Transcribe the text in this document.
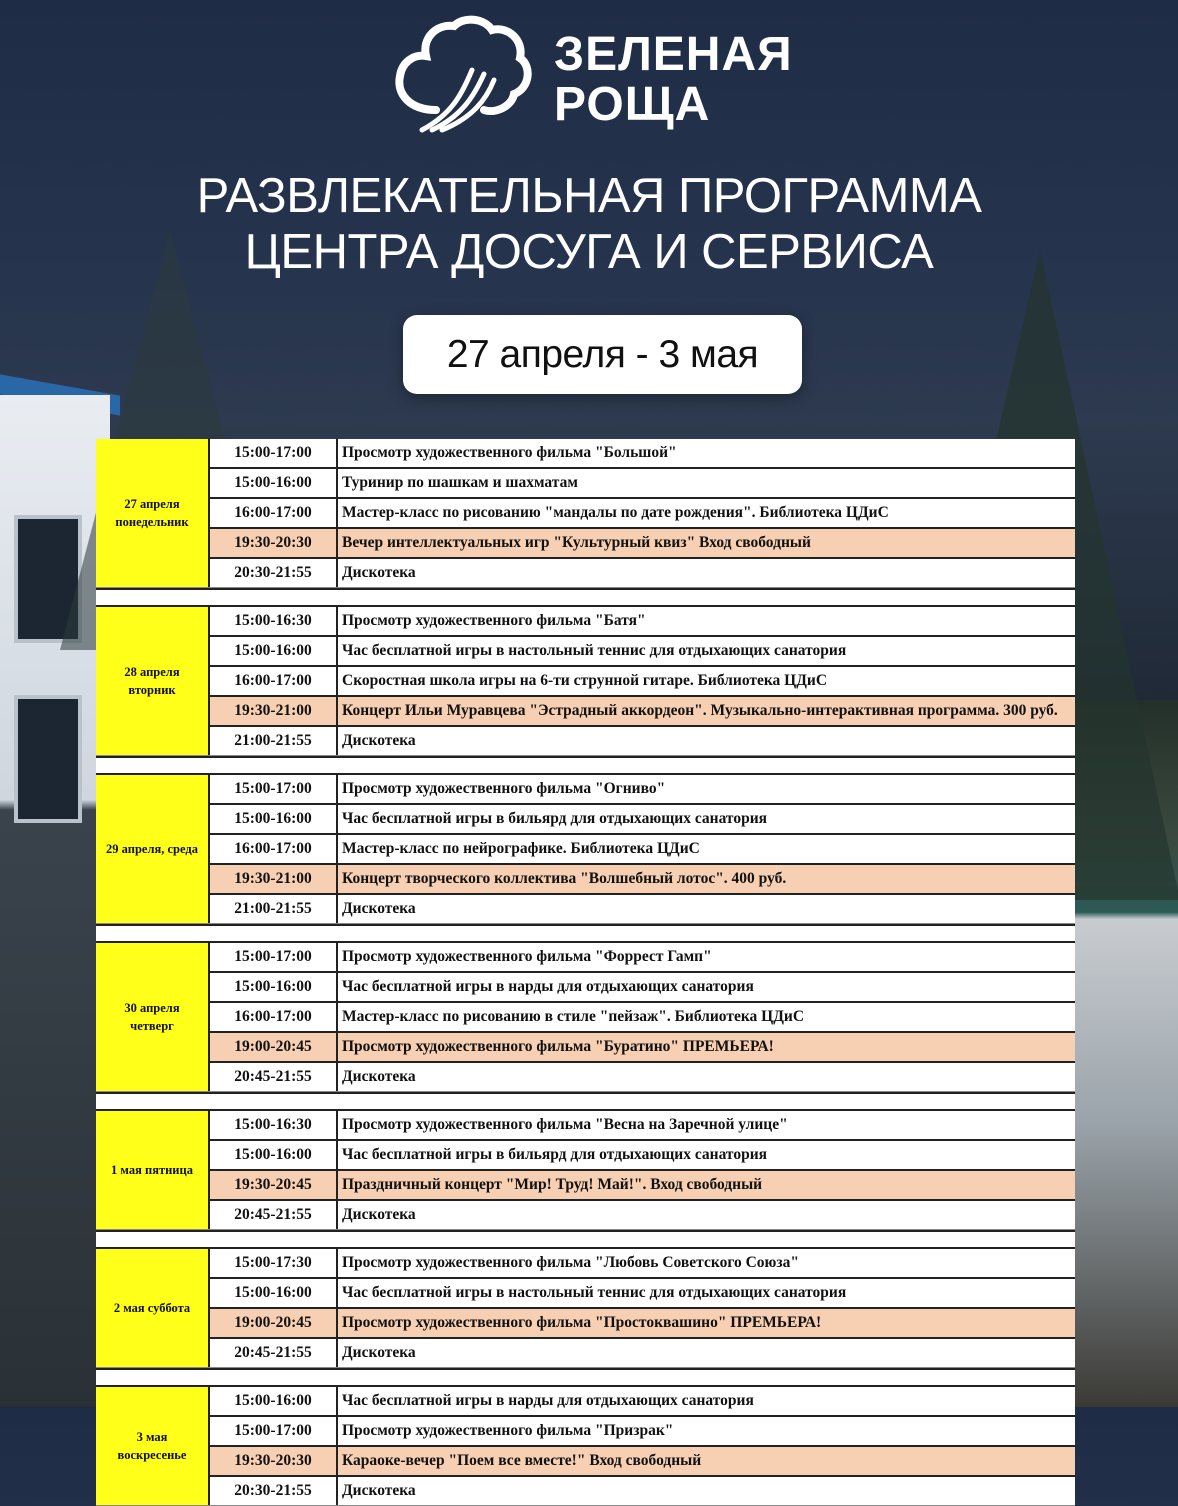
ЗЕЛЕНАЯ
РОЩА
РАЗВЛЕКАТЕЛЬНАЯ ПРОГРАММА
ЦЕНТРА ДОСУГА И СЕРВИСА
27 апреля - 3 мая
27 апреля
понедельник
15:00-17:00	Просмотр художественного фильма "Большой"
15:00-16:00	Туринир по шашкам и шахматам
16:00-17:00	Мастер-класс по рисованию "мандалы по дате рождения". Библиотека ЦДиС
19:30-20:30	Вечер интеллектуальных игр "Культурный квиз" Вход свободный
20:30-21:55	Дискотека
28 апреля
вторник
15:00-16:30	Просмотр художественного фильма "Батя"
15:00-16:00	Час бесплатной игры в настольный теннис для отдыхающих санатория
16:00-17:00	Скоростная школа игры на 6-ти струнной гитаре. Библиотека ЦДиС
19:30-21:00	Концерт Ильи Муравцева "Эстрадный аккордеон". Музыкально-интерактивная программа. 300 руб.
21:00-21:55	Дискотека
29 апреля, среда
15:00-17:00	Просмотр художественного фильма "Огниво"
15:00-16:00	Час бесплатной игры в бильярд для отдыхающих санатория
16:00-17:00	Мастер-класс по нейрографике. Библиотека ЦДиС
19:30-21:00	Концерт творческого коллектива "Волшебный лотос". 400 руб.
21:00-21:55	Дискотека
30 апреля
четверг
15:00-17:00	Просмотр художественного фильма "Форрест Гамп"
15:00-16:00	Час бесплатной игры в нарды для отдыхающих санатория
16:00-17:00	Мастер-класс по рисованию в стиле "пейзаж". Библиотека ЦДиС
19:00-20:45	Просмотр художественного фильма "Буратино" ПРЕМЬЕРА!
20:45-21:55	Дискотека
1 мая пятница
15:00-16:30	Просмотр художественного фильма "Весна на Заречной улице"
15:00-16:00	Час бесплатной игры в бильярд для отдыхающих санатория
19:30-20:45	Праздничный концерт "Мир! Труд! Май!". Вход свободный
20:45-21:55	Дискотека
2 мая суббота
15:00-17:30	Просмотр художественного фильма "Любовь Советского Союза"
15:00-16:00	Час бесплатной игры в настольный теннис для отдыхающих санатория
19:00-20:45	Просмотр художественного фильма "Простоквашино" ПРЕМЬЕРА!
20:45-21:55	Дискотека
3 мая
воскресенье
15:00-16:00	Час бесплатной игры в нарды для отдыхающих санатория
15:00-17:00	Просмотр художественного фильма "Призрак"
19:30-20:30	Караоке-вечер "Поем все вместе!" Вход свободный
20:30-21:55	Дискотека
